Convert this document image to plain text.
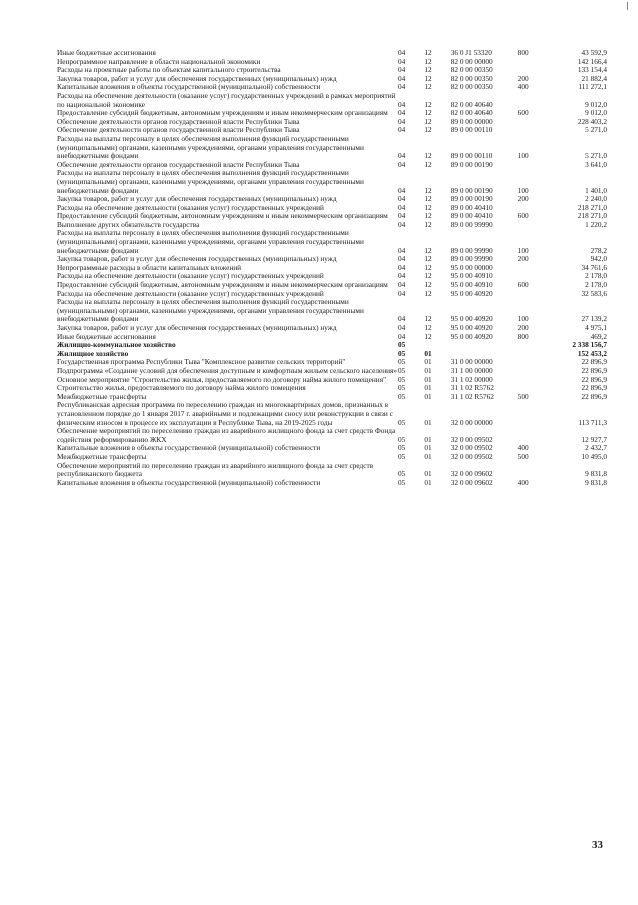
Иные бюджетные ассигнования	04	12	36 0 J1 53320	800	43 592,9
Непрограммное направление в области национальной экономики	04	12	82 0 00 00000		142 166,4
Расходы на проектные работы по объектам капитального строительства	04	12	82 0 00 00350		133 154,4
Закупка товаров, работ и услуг для обеспечения государственных (муниципальных) нужд	04	12	82 0 00 00350	200	21 882,4
Капитальные вложения в объекты государственной (муниципальной) собственности	04	12	82 0 00 00350	400	111 272,1
Расходы на обеспечение деятельности (оказание услуг) государственных учреждений в рамках мероприятий по национальной экономике	04	12	82 0 00 40640		9 012,0
Предоставление субсидий бюджетным, автономным учреждениям и иным некоммерческим организациям	04	12	82 0 00 40640	600	9 012,0
Обеспечение деятельности органов государственной власти Республики Тыва	04	12	89 0 00 00000		228 403,2
Обеспечение деятельности органов государственной власти Республики Тыва	04	12	89 0 00 00110		5 271,0
Расходы на выплаты персоналу в целях обеспечения выполнения функций государственными (муниципальными) органами, казенными учреждениями, органами управления государственными внебюджетными фондами	04	12	89 0 00 00110	100	5 271,0
Обеспечение деятельности органов государственной власти Республики Тыва	04	12	89 0 00 00190		3 641,0
Расходы на выплаты персоналу в целях обеспечения выполнения функций государственными (муниципальными) органами, казенными учреждениями, органами управления государственными внебюджетными фондами	04	12	89 0 00 00190	100	1 401,0
Закупка товаров, работ и услуг для обеспечения государственных (муниципальных) нужд	04	12	89 0 00 00190	200	2 240,0
Расходы на обеспечение деятельности (оказания услуг) государственных учреждений	04	12	89 0 00 40410		218 271,0
Предоставление субсидий бюджетным, автономным учреждениям и иным некоммерческим организациям	04	12	89 0 00 40410	600	218 271,0
Выполнение других обязательств государства	04	12	89 0 00 99990		1 220,2
Расходы на выплаты персоналу в целях обеспечения выполнения функций государственными (муниципальными) органами, казенными учреждениями, органами управления государственными внебюджетными фондами	04	12	89 0 00 99990	100	278,2
Закупка товаров, работ и услуг для обеспечения государственных (муниципальных) нужд	04	12	89 0 00 99990	200	942,0
Непрограммные расходы в области капитальных вложений	04	12	95 0 00 00000		34 761,6
Расходы на обеспечение деятельности (оказание услуг) государственных учреждений	04	12	95 0 00 40910		2 178,0
Предоставление субсидий бюджетным, автономным учреждениям и иным некоммерческим организациям	04	12	95 0 00 40910	600	2 178,0
Расходы на обеспечение деятельности (оказание услуг) государственных учреждений	04	12	95 0 00 40920		32 583,6
Расходы на выплаты персоналу в целях обеспечения выполнения функций государственными (муниципальными) органами, казенными учреждениями, органами управления государственными внебюджетными фондами	04	12	95 0 00 40920	100	27 139,2
Закупка товаров, работ и услуг для обеспечения государственных (муниципальных) нужд	04	12	95 0 00 40920	200	4 975,1
Иные бюджетные ассигнования	04	12	95 0 00 40920	800	469,2
Жилищно-коммунальное хозяйство	05				2 338 156,7
Жилищное хозяйство	05	01			152 453,2
Государственная программа Республики Тыва "Комплексное развитие сельских территорий"	05	01	31 0 00 00000		22 896,9
Подпрограмма «Создание условий для обеспечения доступным и комфортным жильем сельского населения»	05	01	31 1 00 00000		22 896,9
Основное мероприятие "Строительство жилья, предоставляемого по договору найма жилого помещения"	05	01	31 1 02 00000		22 896,9
Строительство жилья, предоставляемого по договору найма жилого помещения	05	01	31 1 02 R5762		22 896,9
Межбюджетные трансферты	05	01	31 1 02 R5762	500	22 896,9
Республиканская адресная программа по переселению граждан из многоквартирных домов, признанных в установленном порядке до 1 января 2017 г. аварийными и подлежащими сносу или реконструкции в связи с физическим износом в процессе их эксплуатации в Республике Тыва, на 2019-2025 годы	05	01	32 0 00 00000		113 711,3
Обеспечение мероприятий по переселению граждан из аварийного жилищного фонда за счет средств Фонда содействия реформированию ЖКХ	05	01	32 0 00 09502		12 927,7
Капитальные вложения в объекты государственной (муниципальной) собственности	05	01	32 0 00 09502	400	2 432,7
Межбюджетные трансферты	05	01	32 0 00 09502	500	10 495,0
Обеспечение мероприятий по переселению граждан из аварийного жилищного фонда за счет средств республиканского бюджета	05	01	32 0 00 09602		9 831,8
Капитальные вложения в объекты государственной (муниципальной) собственности	05	01	32 0 00 09602	400	9 831,8
33
